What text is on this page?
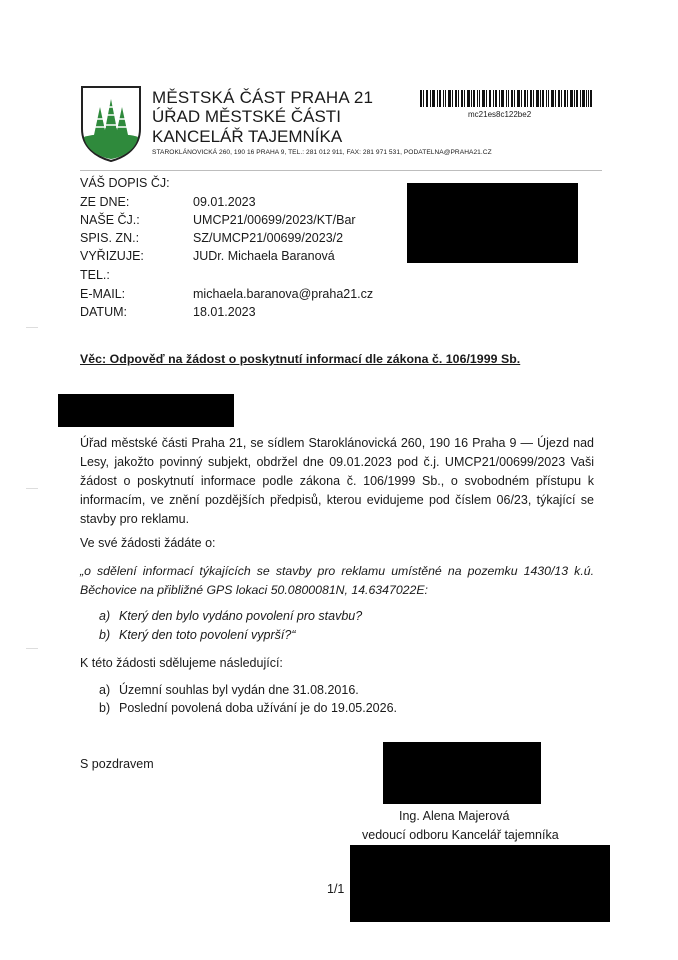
MĚSTSKÁ ČÁST PRAHA 21
ÚŘAD MĚSTSKÉ ČÁSTI
KANCELÁŘ TAJEMNÍKA
STAROKLÁNOVICKÁ 260, 190 16 PRAHA 9, TEL.: 281 012 911, FAX: 281 971 531, PODATELNA@PRAHA21.CZ
mc21es8c122be2
VÁŠ DOPIS ČJ:
ZE DNE:	09.01.2023
NAŠE ČJ.:	UMCP21/00699/2023/KT/Bar
SPIS. ZN.:	SZ/UMCP21/00699/2023/2
VYŘIZUJE:	JUDr. Michaela Baranová
TEL.:
E-MAIL:	michaela.baranova@praha21.cz
DATUM:	18.01.2023
Věc: Odpověď na žádost o poskytnutí informací dle zákona č. 106/1999 Sb.
Úřad městské části Praha 21, se sídlem Staroklánovická 260, 190 16 Praha 9 — Újezd nad Lesy, jakožto povinný subjekt, obdržel dne 09.01.2023 pod č.j. UMCP21/00699/2023 Vaši žádost o poskytnutí informace podle zákona č. 106/1999 Sb., o svobodném přístupu k informacím, ve znění pozdějších předpisů, kterou evidujeme pod číslem 06/23, týkající se stavby pro reklamu.
Ve své žádosti žádáte o:
„o sdělení informací týkajících se stavby pro reklamu umístěné na pozemku 1430/13 k.ú. Běchovice na přibližné GPS lokaci 50.0800081N, 14.6347022E:
a) Který den bylo vydáno povolení pro stavbu?
b) Který den toto povolení vyprší?“
K této žádosti sdělujeme následující:
a) Územní souhlas byl vydán dne 31.08.2016.
b) Poslední povolená doba užívání je do 19.05.2026.
S pozdravem
Ing. Alena Majerová
vedoucí odboru Kancelář tajemníka
1/1
